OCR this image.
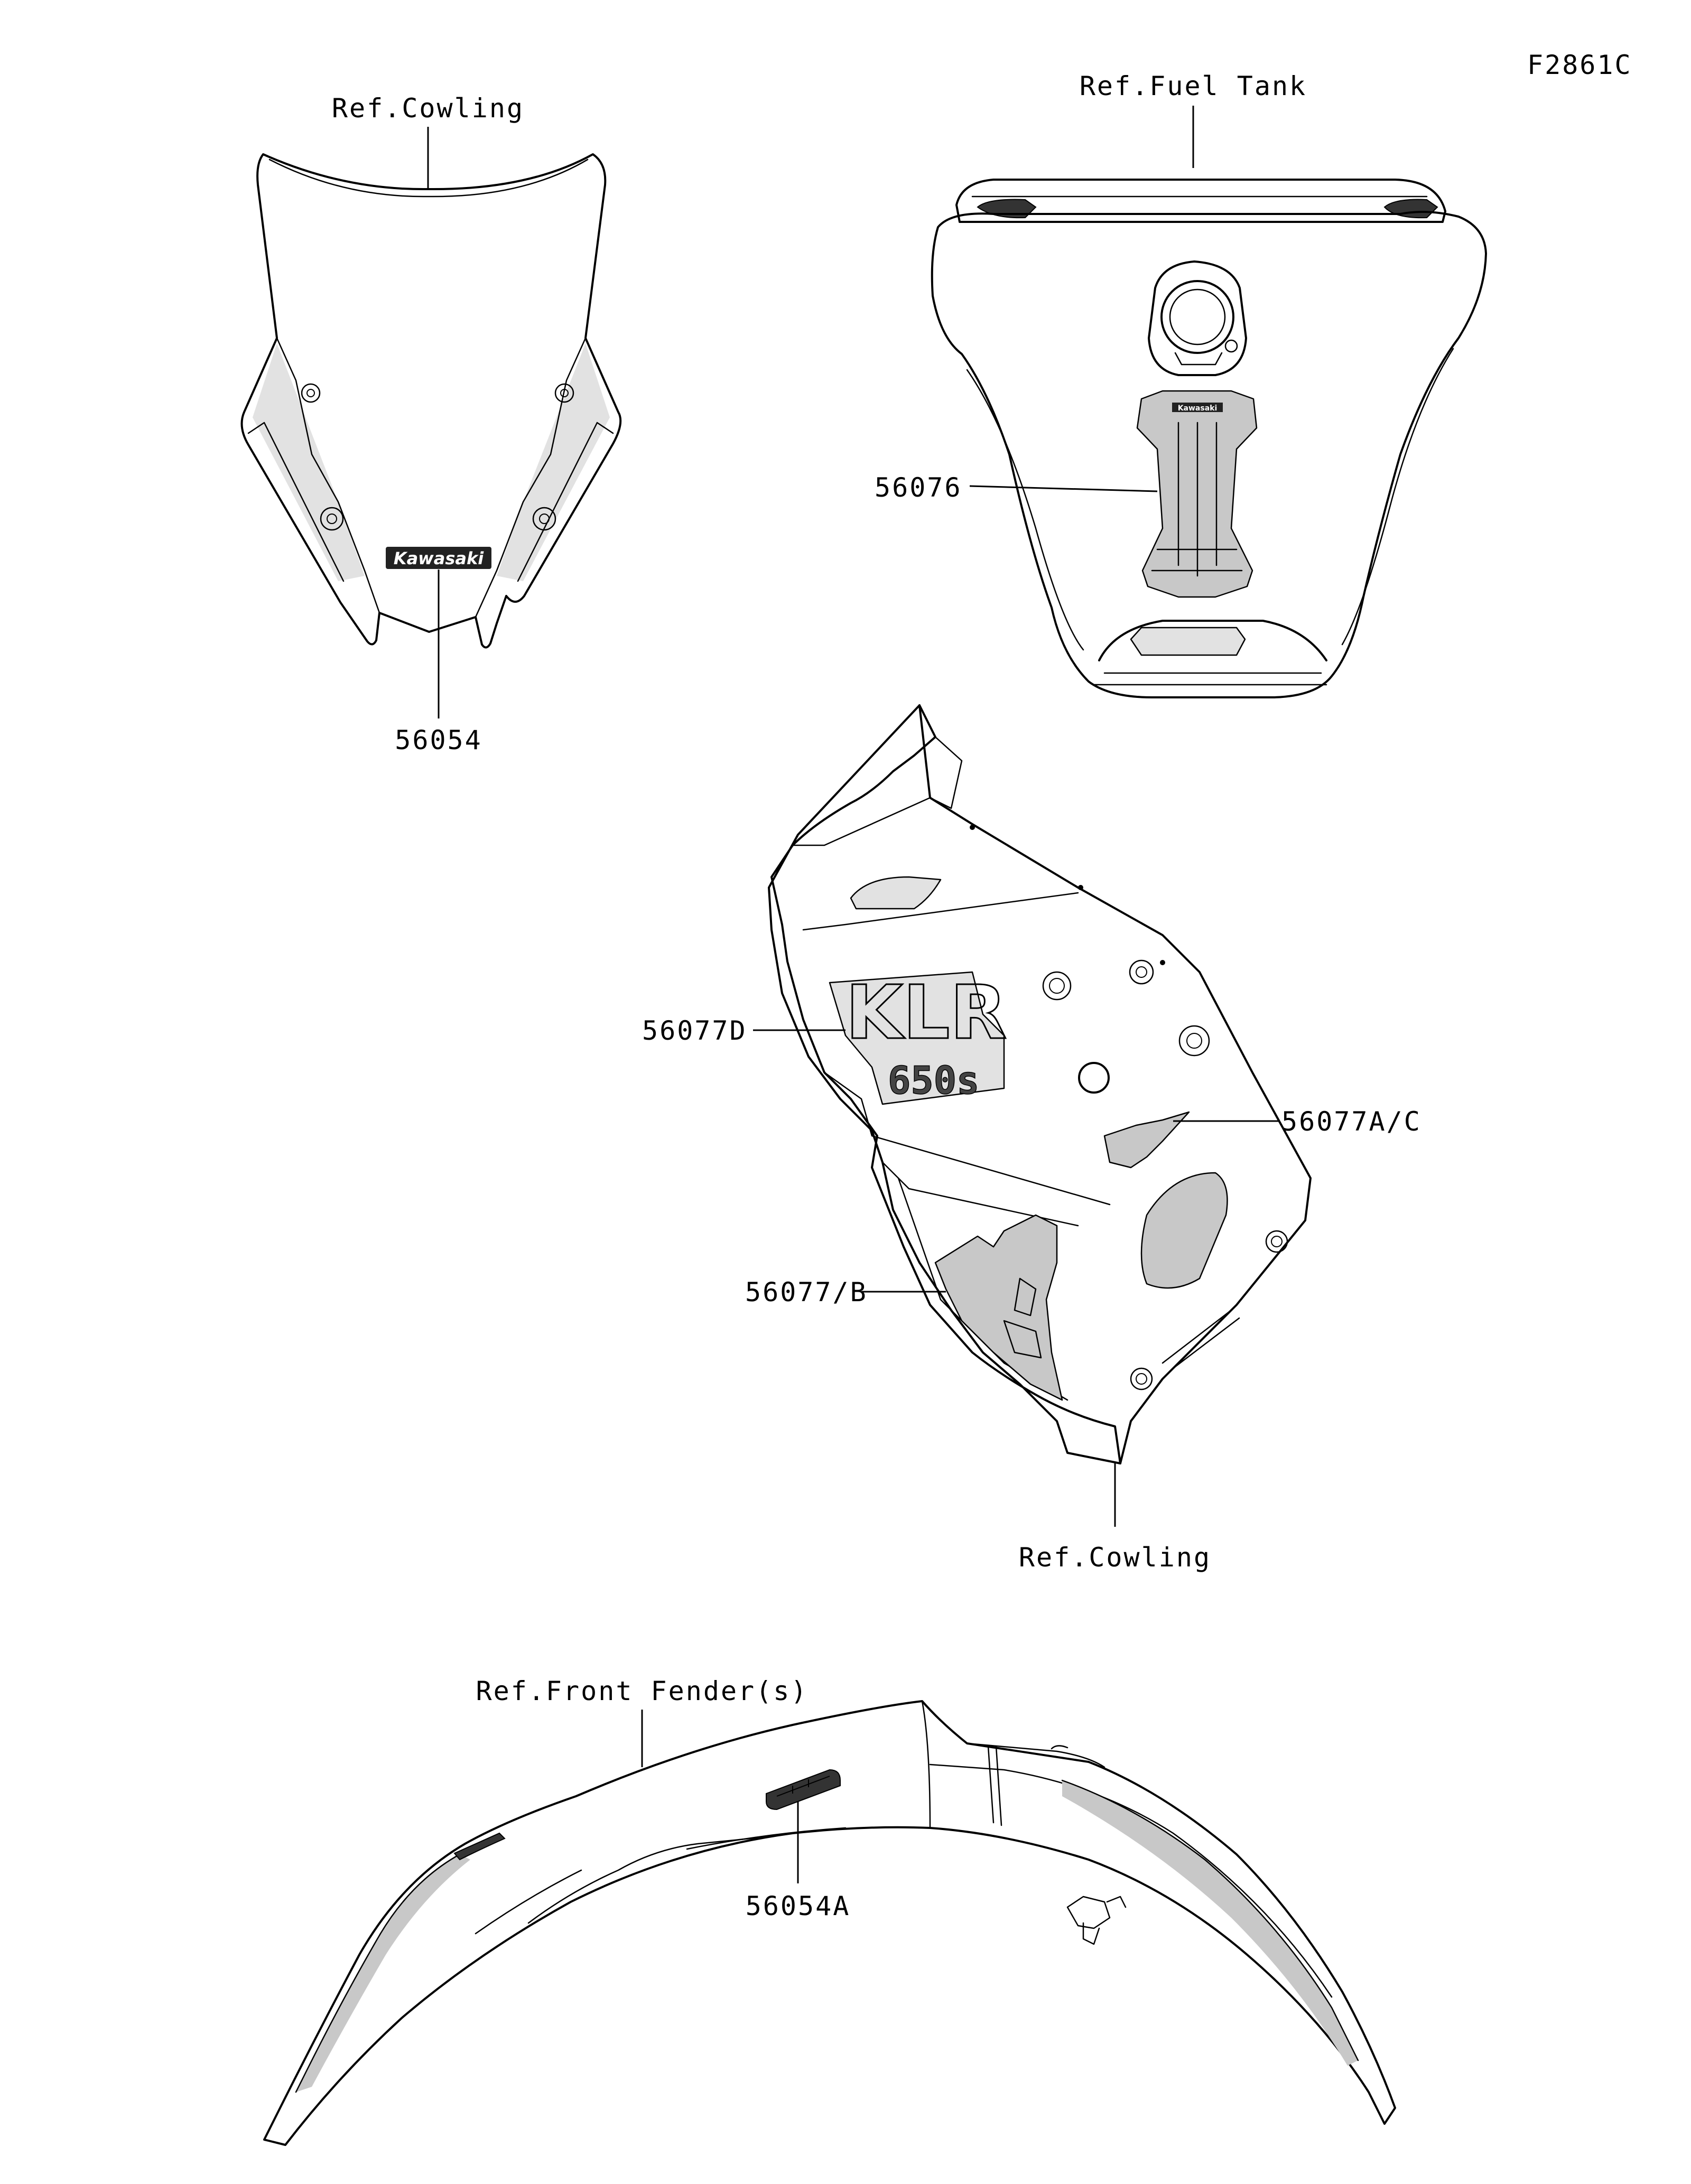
F2861C
Ref.Cowling
Kawasaki
56054
Ref.Fuel Tank
Kawasaki
56076
KLR
650s
56077D
56077A/C
56077/B
Ref.Cowling
Ref.Front Fender(s)
56054A
